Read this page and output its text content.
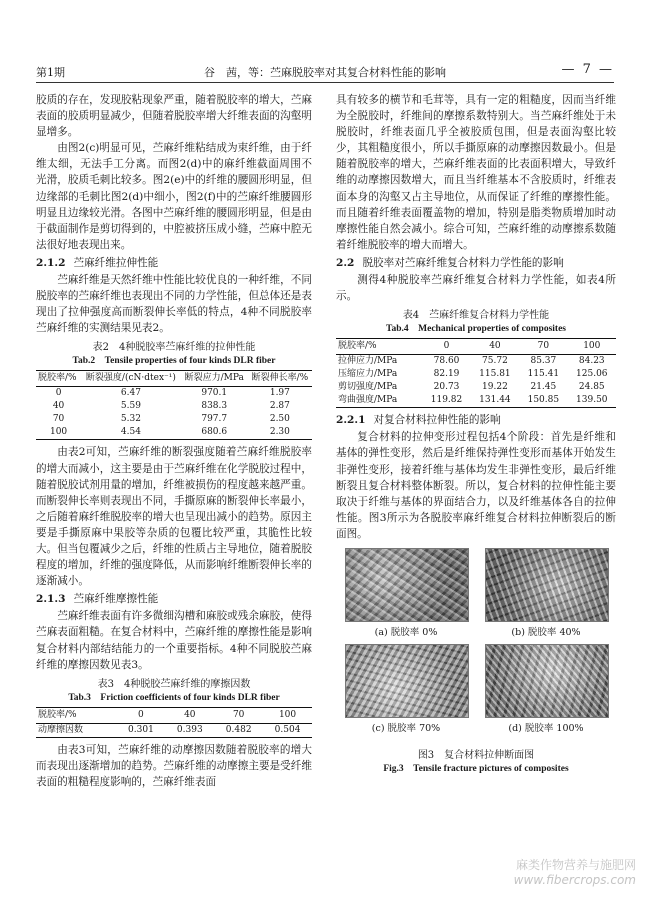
第1期	谷　茜，等：苎麻脱胶率对其复合材料性能的影响	— 7 —

胶质的存在，发现胶粘现象严重，随着脱胶率的增大，苎麻表面的胶质明显减少，但随着脱胶率增大纤维表面的沟壑明显增多。

由图2(c)明显可见，苎麻纤维粘结成为束纤维，由于纤维太细，无法手工分离。而图2(d)中的麻纤维截面周围不光滑，胶质毛刺比较多。图2(e)中的纤维的腰圆形明显，但边缘部的毛刺比图2(d)中细小，图2(f)中的苎麻纤维腰圆形明显且边缘较光滑。各图中苎麻纤维的腰圆形明显，但是由于截面制作是剪切得到的，中腔被挤压成小缝，苎麻中腔无法很好地表现出来。

2.1.2 苎麻纤维拉伸性能

苎麻纤维是天然纤维中性能比较优良的一种纤维，不同脱胶率的苎麻纤维也表现出不同的力学性能，但总体还是表现出了拉伸强度高而断裂伸长率低的特点，4种不同脱胶率苎麻纤维的实测结果见表2。

表2　4种脱胶率苎麻纤维的拉伸性能
Tab.2　Tensile properties of four kinds DLR fiber
脱胶率/%	断裂强度/(cN·dtex⁻¹)	断裂应力/MPa	断裂伸长率/%
0	6.47	970.1	1.97
40	5.59	838.3	2.87
70	5.32	797.7	2.50
100	4.54	680.6	2.30

由表2可知，苎麻纤维的断裂强度随着苎麻纤维脱胶率的增大而减小，这主要是由于苎麻纤维在化学脱胶过程中，随着脱胶试剂用量的增加，纤维被损伤的程度越来越严重。而断裂伸长率则表现出不同，手撕原麻的断裂伸长率最小，之后随着麻纤维脱胶率的增大也呈现出减小的趋势。原因主要是手撕原麻中果胶等杂质的包覆比较严重，其脆性比较大。但当包覆减少之后，纤维的性质占主导地位，随着脱胶程度的增加，纤维的强度降低，从而影响纤维断裂伸长率的逐渐减小。

2.1.3 苎麻纤维摩擦性能

苎麻纤维表面有许多微细沟槽和麻胶或残余麻胶，使得苎麻表面粗糙。在复合材料中，苎麻纤维的摩擦性能是影响复合材料内部结结能力的一个重要指标。4种不同脱胶苎麻纤维的摩擦因数见表3。

表3　4种脱胶苎麻纤维的摩擦因数
Tab.3　Friction coefficients of four kinds DLR fiber
脱胶率/%	0	40	70	100
动摩擦因数	0.301	0.393	0.482	0.504

由表3可知，苎麻纤维的动摩擦因数随着脱胶率的增大而表现出逐渐增加的趋势。苎麻纤维的动摩擦主要是受纤维表面的粗糙程度影响的，苎麻纤维表面

具有较多的横节和毛茸等，具有一定的粗糙度，因而当纤维为全脱胶时，纤维间的摩擦系数特别大。当苎麻纤维处于未脱胶时，纤维表面几乎全被胶质包围，但是表面沟壑比较少，其粗糙度很小，所以手撕原麻的动摩擦因数最小。但是随着脱胶率的增大，苎麻纤维表面的比表面积增大，导致纤维的动摩擦因数增大，而且当纤维基本不含胶质时，纤维表面本身的沟壑又占主导地位，从而保证了纤维的摩擦性能。而且随着纤维表面覆盖物的增加，特别是脂类物质增加时动摩擦性能自然会减小。综合可知，苎麻纤维的动摩擦系数随着纤维脱胶率的增大而增大。

2.2 脱胶率对苎麻纤维复合材料力学性能的影响

测得4种脱胶率苎麻纤维复合材料力学性能，如表4所示。

表4　苎麻纤维复合材料力学性能
Tab.4　Mechanical properties of composites
脱胶率/%	0	40	70	100
拉伸应力/MPa	78.60	75.72	85.37	84.23
压缩应力/MPa	82.19	115.81	115.41	125.06
剪切强度/MPa	20.73	19.22	21.45	24.85
弯曲强度/MPa	119.82	131.44	150.85	139.50
2.2.1 对复合材料拉伸性能的影响

复合材料的拉伸变形过程包括4个阶段：首先是纤维和基体的弹性变形，然后是纤维保持弹性变形而基体开始发生非弹性变形，接着纤维与基体均发生非弹性变形，最后纤维断裂且复合材料整体断裂。所以，复合材料的拉伸性能主要取决于纤维与基体的界面结合力，以及纤维基体各自的拉伸性能。图3所示为各脱胶率麻纤维复合材料拉伸断裂后的断面图。

(a) 脱胶率 0%	(b) 脱胶率 40%
(c) 脱胶率 70%	(d) 脱胶率 100%
图3　复合材料拉伸断面图
Fig.3　Tensile fracture pictures of composites
麻类作物营养与施肥网
www.fibercrops.com
